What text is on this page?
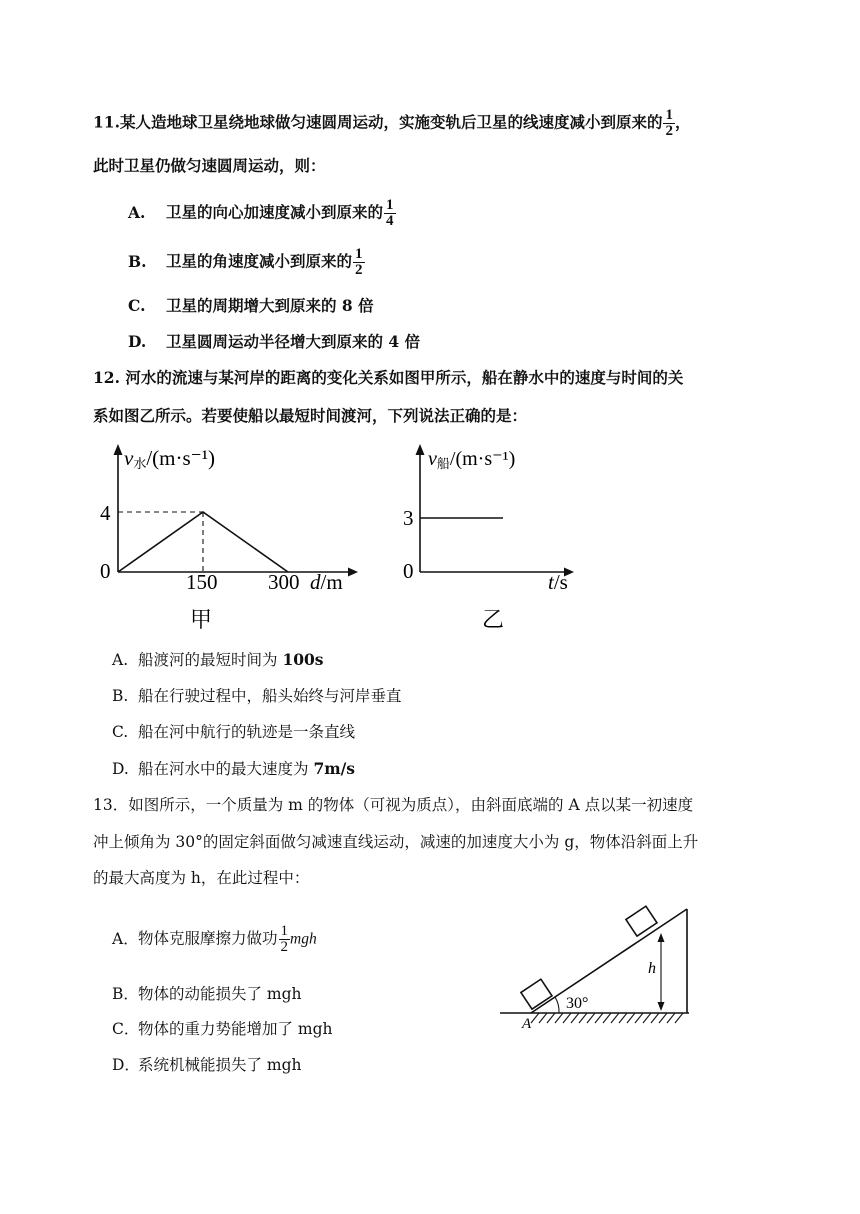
11.某人造地球卫星绕地球做匀速圆周运动，实施变轨后卫星的线速度减小到原来的 $\frac{1}{2}$ ，
此时卫星仍做匀速圆周运动，则：
A. 卫星的向心加速度减小到原来的 $\frac{1}{4}$
B. 卫星的角速度减小到原来的 $\frac{1}{2}$
C. 卫星的周期增大到原来的 8 倍
D. 卫星圆周运动半径增大到原来的 4 倍
12. 河水的流速与某河岸的距离的变化关系如图甲所示，船在静水中的速度与时间的关
系如图乙所示。若要使船以最短时间渡河，下列说法正确的是：
v水/(m·s⁻¹)
4
0	150 300 d/m
甲
v船/(m·s⁻¹)
3
0	t/s
乙
A. 船渡河的最短时间为 100s
B. 船在行驶过程中，船头始终与河岸垂直
C. 船在河中航行的轨迹是一条直线
D. 船在河水中的最大速度为 7m/s
13．如图所示，一个质量为 m 的物体（可视为质点），由斜面底端的 A 点以某一初速度
冲上倾角为 30°的固定斜面做匀减速直线运动，减速的加速度大小为 g，物体沿斜面上升
的最大高度为 h，在此过程中：
A．物体克服摩擦力做功 $\frac{1}{2}$ mgh
B．物体的动能损失了 mgh
C．物体的重力势能增加了 mgh
D．系统机械能损失了 mgh
30°
h
A
